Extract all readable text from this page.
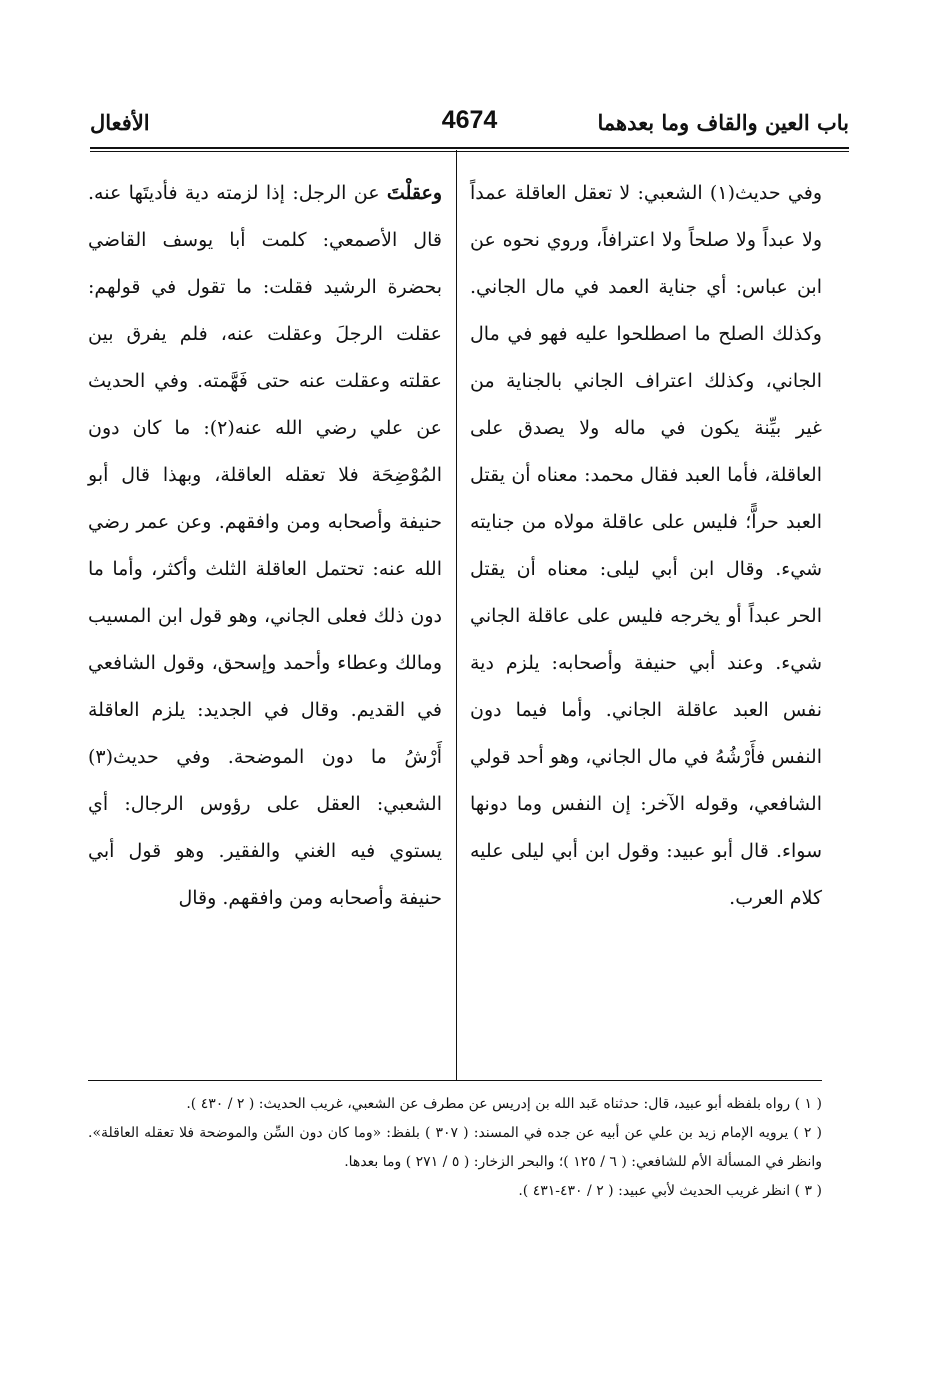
باب العين والقاف وما بعدهما
4674
الأفعال

وفي حديث(١) الشعبي: لا تعقل العاقلة عمداً ولا عبداً ولا صلحاً ولا اعترافاً، وروي نحوه عن ابن عباس: أي جناية العمد في مال الجاني. وكذلك الصلح ما اصطلحوا عليه فهو في مال الجاني، وكذلك اعتراف الجاني بالجناية من غير بيِّنة يكون في ماله ولا يصدق على العاقلة، فأما العبد فقال محمد: معناه أن يقتل العبد حراًّ؛ فليس على عاقلة مولاه من جنايته شيء. وقال ابن أبي ليلى: معناه أن يقتل الحر عبداً أو يخرجه فليس على عاقلة الجاني شيء. وعند أبي حنيفة وأصحابه: يلزم دية نفس العبد عاقلة الجاني. وأما فيما دون النفس فأَرْشُهُ في مال الجاني، وهو أحد قولي الشافعي، وقوله الآخر: إن النفس وما دونها سواء. قال أبو عبيد: وقول ابن أبي ليلى عليه كلام العرب.

وعقلْتَ عن الرجل: إذا لزمته دية فأديتَها عنه. قال الأصمعي: كلمت أبا يوسف القاضي بحضرة الرشيد فقلت: ما تقول في قولهم: عقلت الرجلَ وعقلت عنه، فلم يفرق بين عقلته وعقلت عنه حتى فَهَّمته. وفي الحديث عن علي رضي الله عنه(٢): ما كان دون المُوْضِحَة فلا تعقله العاقلة، وبهذا قال أبو حنيفة وأصحابه ومن وافقهم. وعن عمر رضي الله عنه: تحتمل العاقلة الثلث وأكثر، وأما ما دون ذلك فعلى الجاني، وهو قول ابن المسيب ومالك وعطاء وأحمد وإسحق، وقول الشافعي في القديم. وقال في الجديد: يلزم العاقلة أَرْشُ ما دون الموضحة. وفي حديث(٣) الشعبي: العقل على رؤوس الرجال: أي يستوي فيه الغني والفقير. وهو قول أبي حنيفة وأصحابه ومن وافقهم. وقال

( ١ ) رواه بلفظه أبو عبيد، قال: حدثناه عَبد الله بن إدريس عن مطرف عن الشعبي، غريب الحديث: ( ٢ / ٤٣٠ ).

( ٢ ) يرويه الإمام زيد بن علي عن أبيه عن جده في المسند: ( ٣٠٧ ) بلفظ: «وما كان دون السِّن والموضحة فلا تعقله العاقلة». وانظر في المسألة الأم للشافعي: ( ٦ / ١٢٥ )؛ والبحر الزخار: ( ٥ / ٢٧١ ) وما بعدها.

( ٣ ) انظر غريب الحديث لأبي عبيد: ( ٢ / ٤٣٠-٤٣١ ).
